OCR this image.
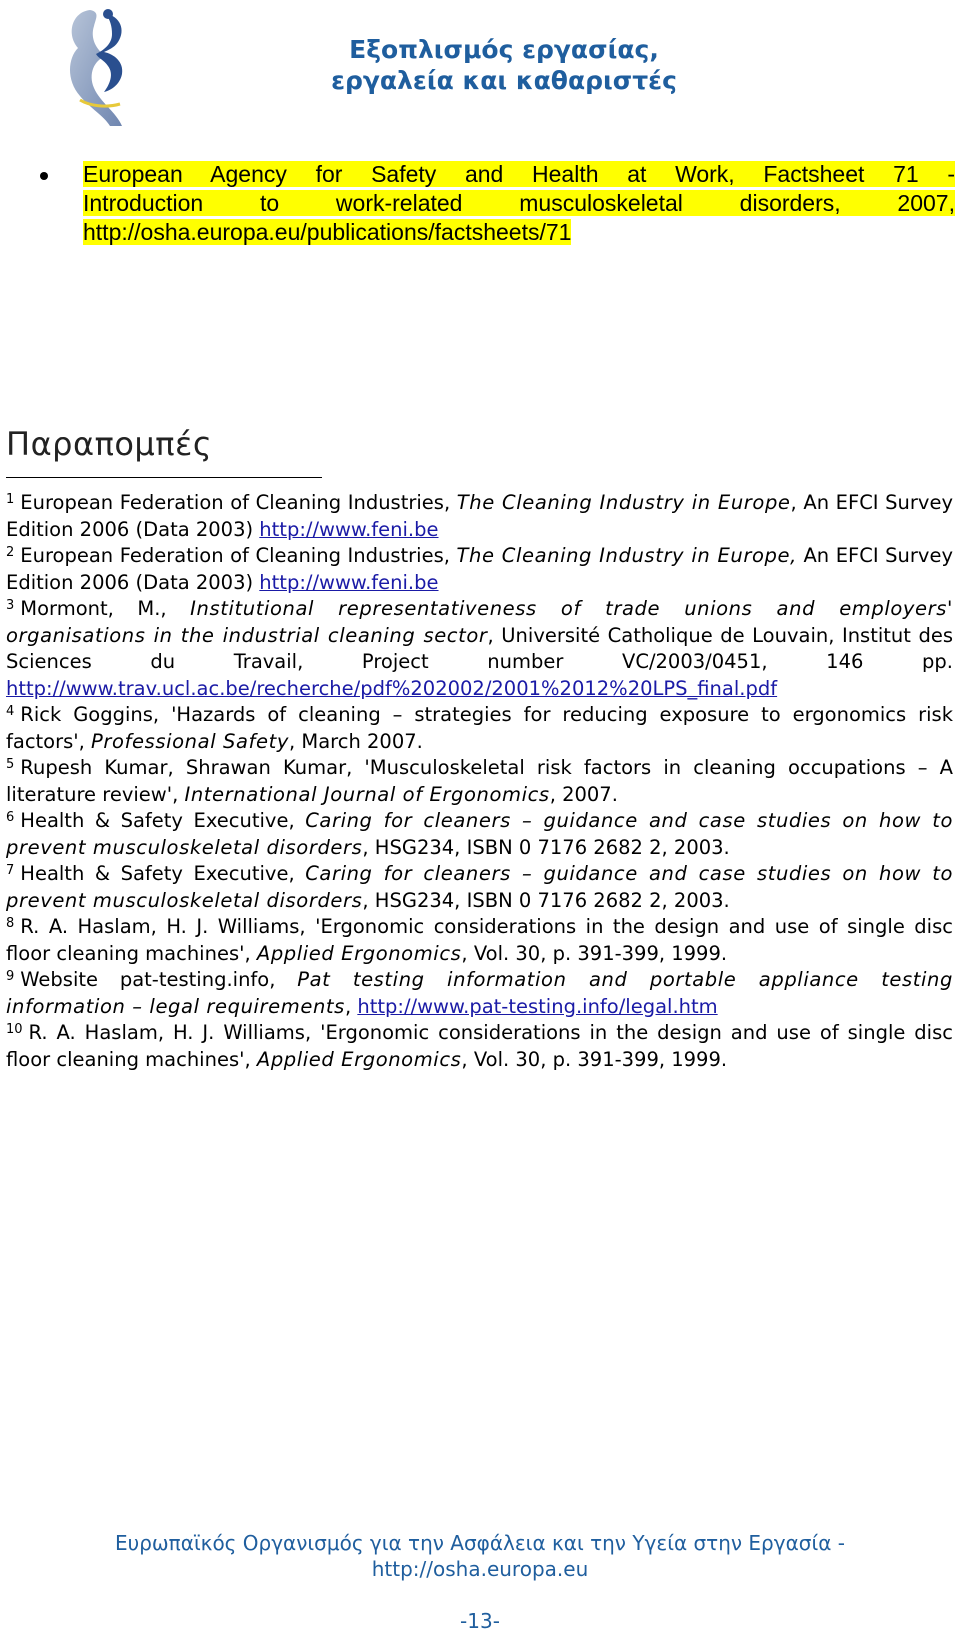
Εξοπλισμός εργασίας,
εργαλεία και καθαριστές
European Agency for Safety and Health at Work, Factsheet 71 -
Introduction to work-related musculoskeletal disorders, 2007,
http://osha.europa.eu/publications/factsheets/71
Παραπομπές
$^1$ European Federation of Cleaning Industries, The Cleaning Industry in Europe, An EFCI Survey Edition 2006 (Data 2003) http://www.feni.be
$^2$ European Federation of Cleaning Industries, The Cleaning Industry in Europe, An EFCI Survey Edition 2006 (Data 2003) http://www.feni.be
$^3$ Mormont, M., Institutional representativeness of trade unions and employers' organisations in the industrial cleaning sector, Université Catholique de Louvain, Institut des Sciences du Travail, Project number VC/2003/0451, 146 pp. http://www.trav.ucl.ac.be/recherche/pdf%202002/2001%2012%20LPS_final.pdf
$^4$ Rick Goggins, 'Hazards of cleaning – strategies for reducing exposure to ergonomics risk factors', Professional Safety, March 2007.
$^5$ Rupesh Kumar, Shrawan Kumar, 'Musculoskeletal risk factors in cleaning occupations – A literature review', International Journal of Ergonomics, 2007.
$^6$ Health & Safety Executive, Caring for cleaners – guidance and case studies on how to prevent musculoskeletal disorders, HSG234, ISBN 0 7176 2682 2, 2003.
$^7$ Health & Safety Executive, Caring for cleaners – guidance and case studies on how to prevent musculoskeletal disorders, HSG234, ISBN 0 7176 2682 2, 2003.
$^8$ R. A. Haslam, H. J. Williams, 'Ergonomic considerations in the design and use of single disc floor cleaning machines', Applied Ergonomics, Vol. 30, p. 391-399, 1999.
$^9$ Website pat-testing.info, Pat testing information and portable appliance testing information – legal requirements, http://www.pat-testing.info/legal.htm
$^{10}$ R. A. Haslam, H. J. Williams, 'Ergonomic considerations in the design and use of single disc floor cleaning machines', Applied Ergonomics, Vol. 30, p. 391-399, 1999.
Ευρωπαϊκός Οργανισμός για την Ασφάλεια και την Υγεία στην Εργασία -
http://osha.europa.eu
-13-
